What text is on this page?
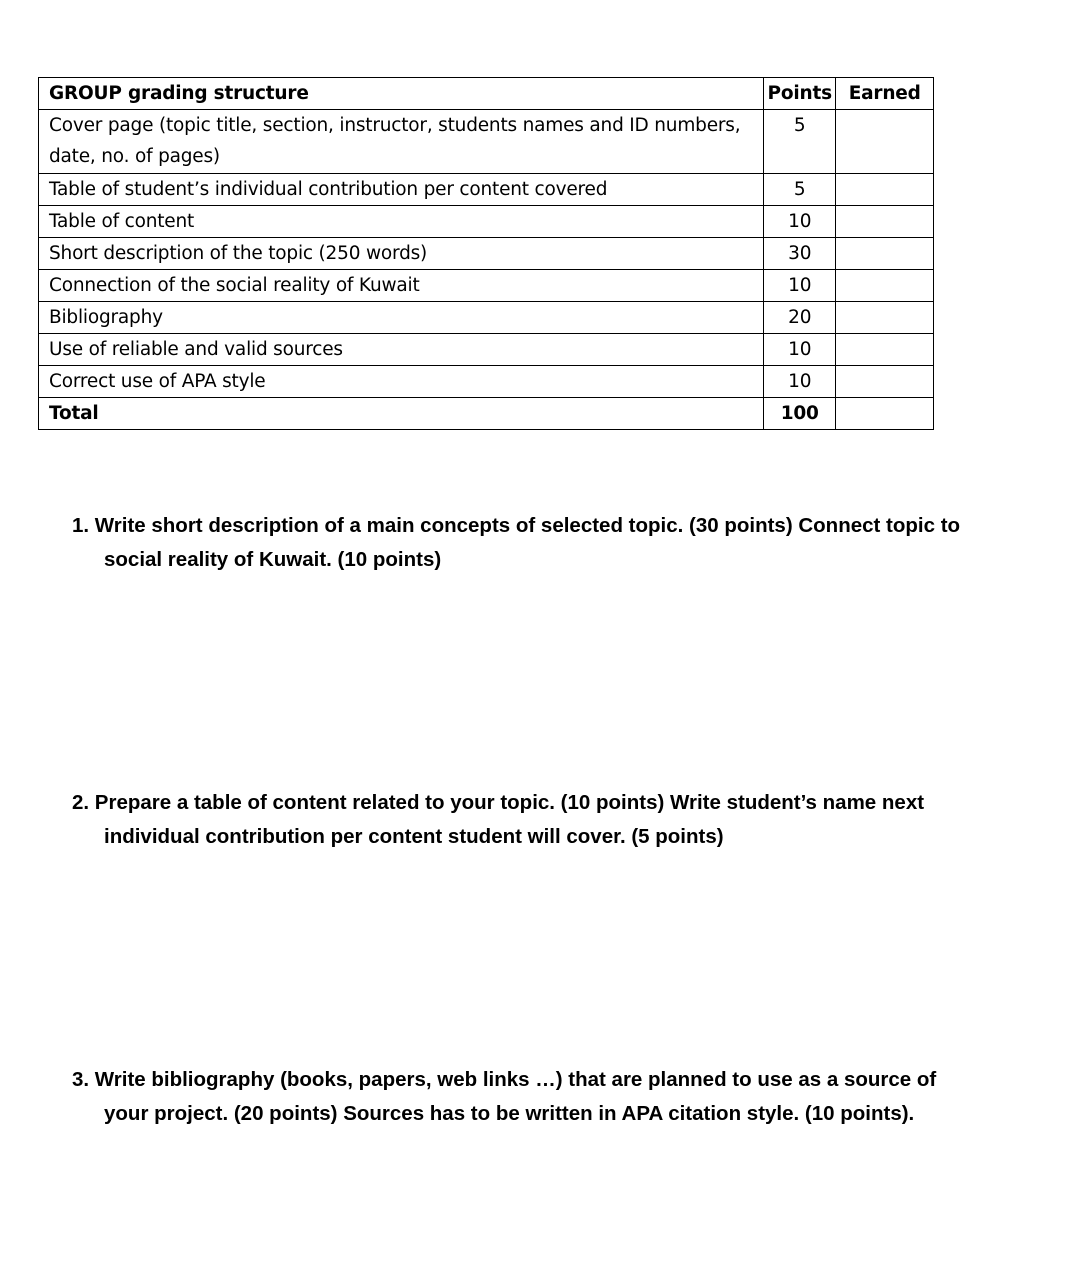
GROUP grading structure	Points	Earned
Cover page (topic title, section, instructor, students names and ID numbers,
date, no. of pages)	5	
Table of student’s individual contribution per content covered	5	
Table of content	10	
Short description of the topic (250 words)	30	
Connection of the social reality of Kuwait	10	
Bibliography	20	
Use of reliable and valid sources	10	
Correct use of APA style	10	
Total	100	
1. Write short description of a main concepts of selected topic. (30 points) Connect topic to
social reality of Kuwait. (10 points)
2. Prepare a table of content related to your topic. (10 points) Write student’s name next
individual contribution per content student will cover. (5 points)
3. Write bibliography (books, papers, web links …) that are planned to use as a source of
your project. (20 points) Sources has to be written in APA citation style. (10 points).
